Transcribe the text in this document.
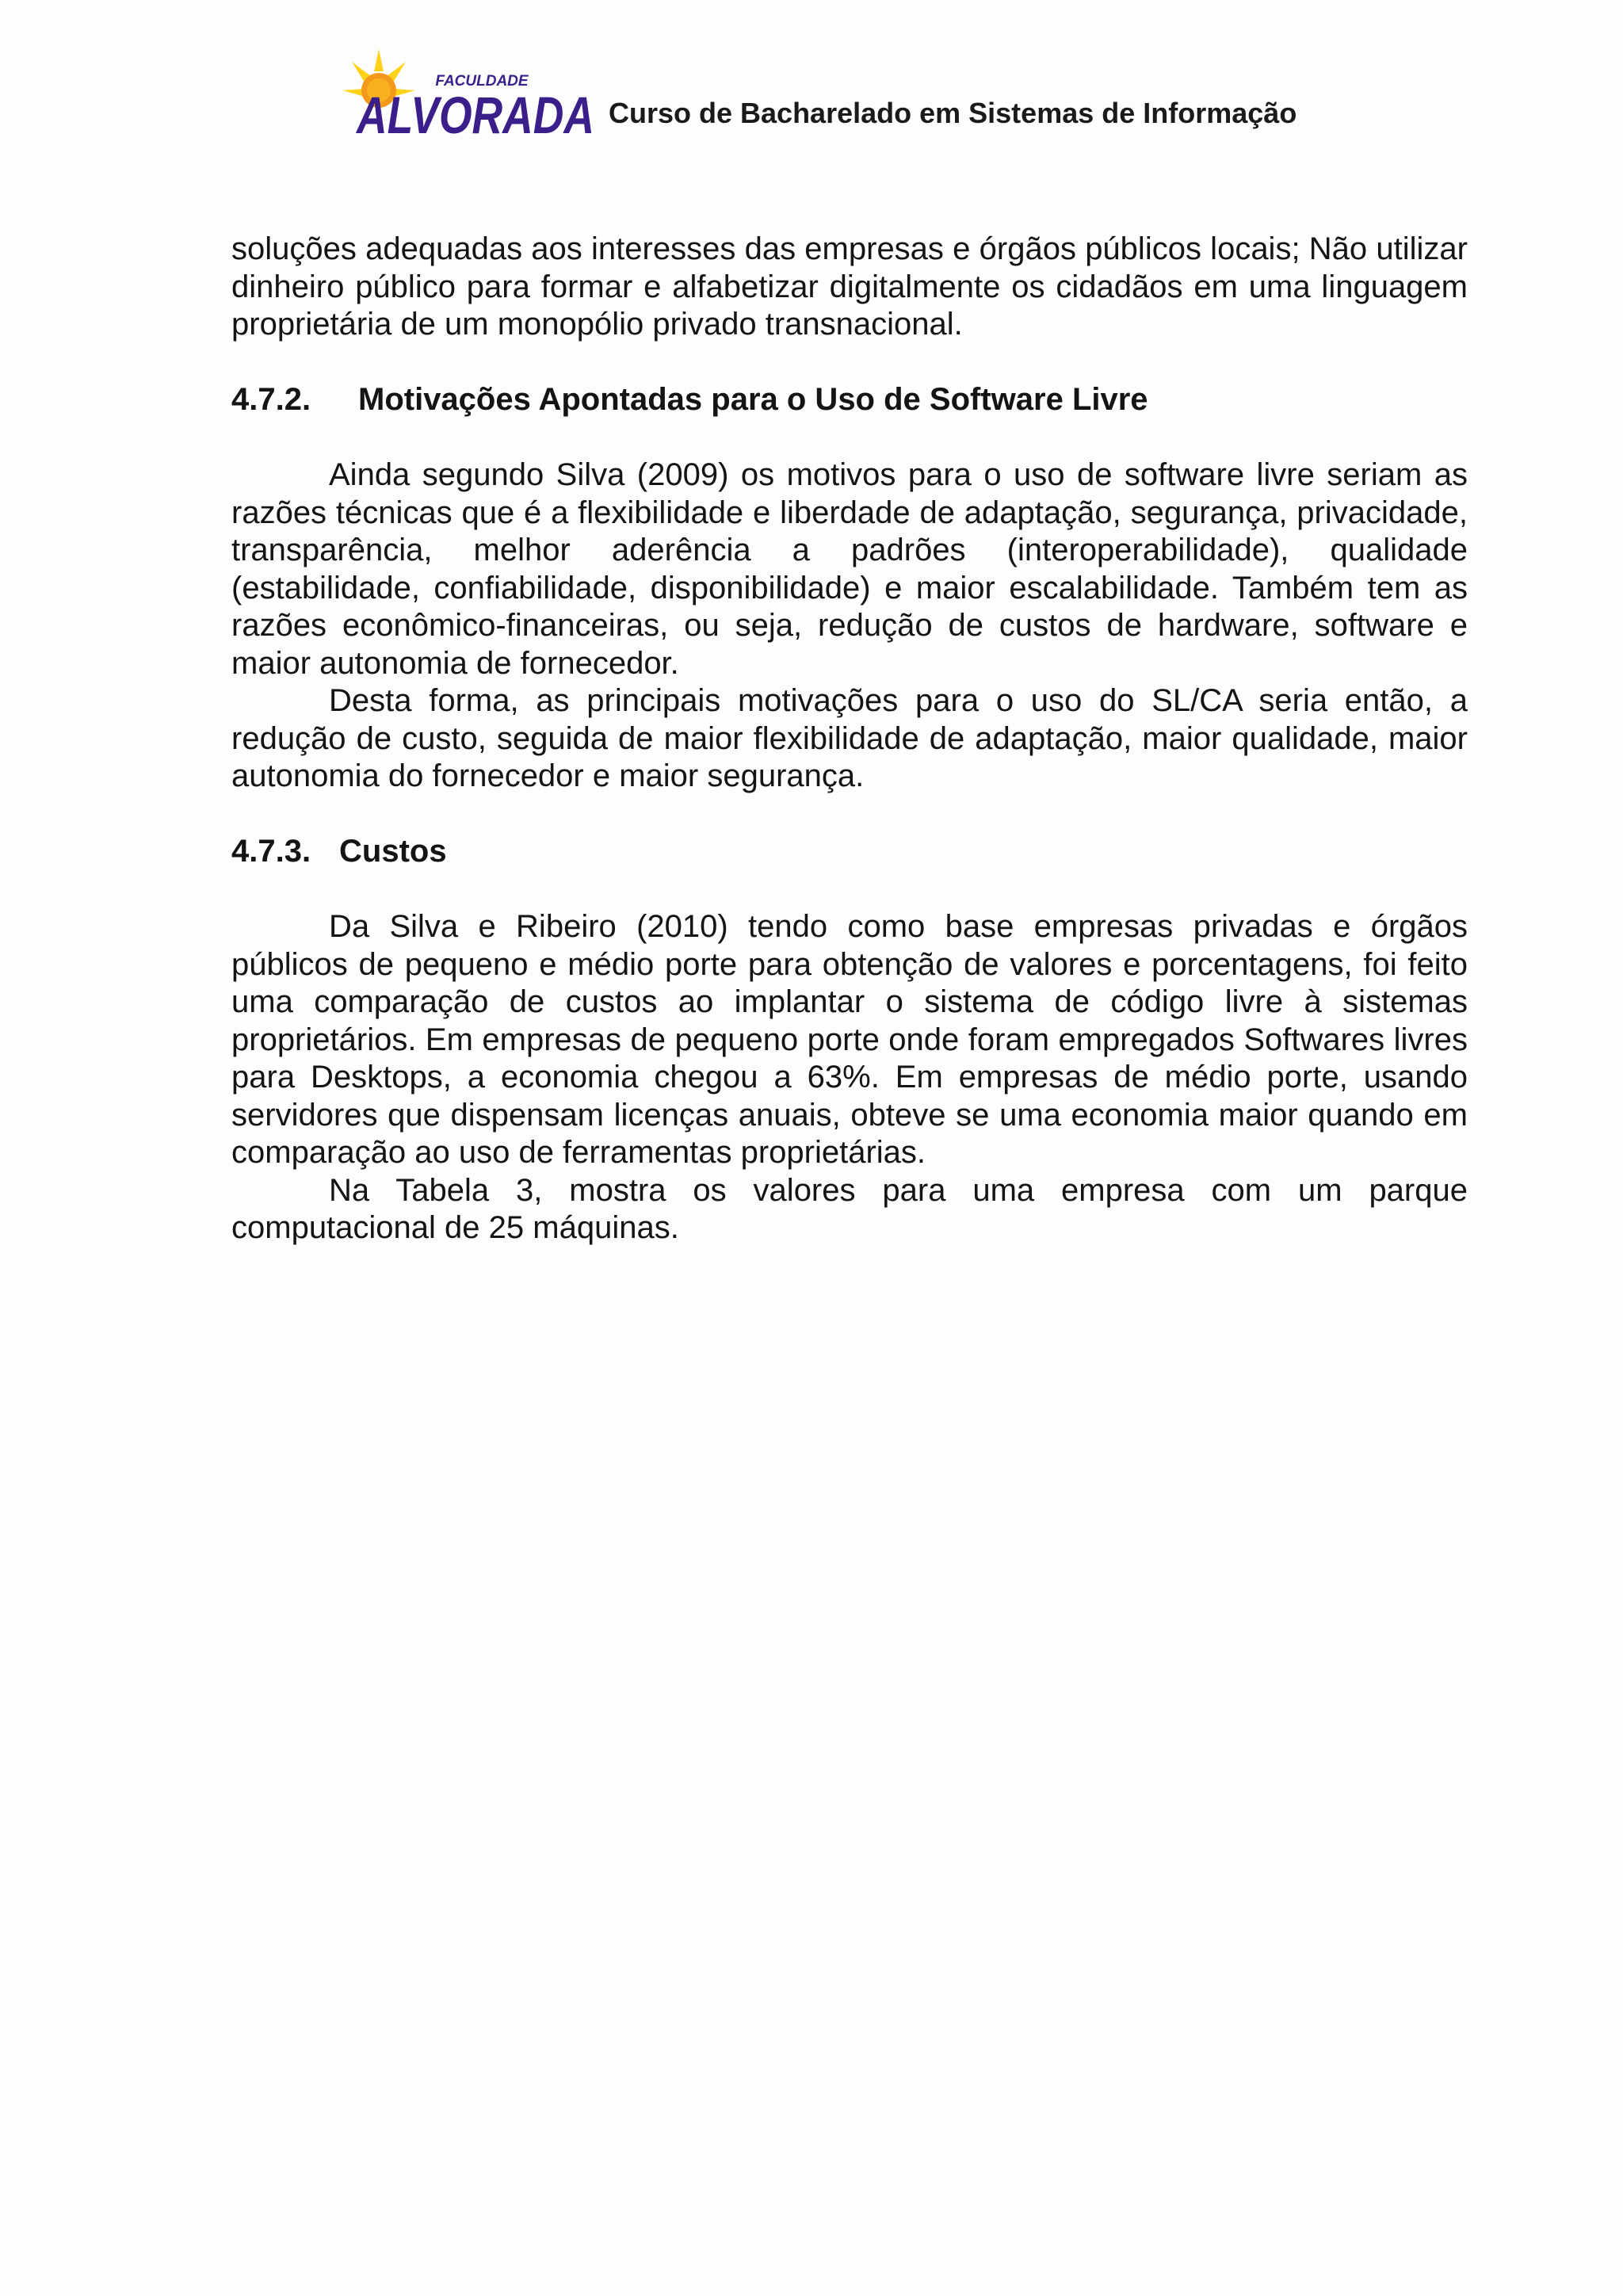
FACULDADE
ALVORADA Curso de Bacharelado em Sistemas de Informação

soluções adequadas aos interesses das empresas e órgãos públicos locais; Não utilizar dinheiro público para formar e alfabetizar digitalmente os cidadãos em uma linguagem proprietária de um monopólio privado transnacional.

4.7.2. Motivações Apontadas para o Uso de Software Livre

Ainda segundo Silva (2009) os motivos para o uso de software livre seriam as razões técnicas que é a flexibilidade e liberdade de adaptação, segurança, privacidade, transparência, melhor aderência a padrões (interoperabilidade), qualidade (estabilidade, confiabilidade, disponibilidade) e maior escalabilidade. Também tem as razões econômico-financeiras, ou seja, redução de custos de hardware, software e maior autonomia de fornecedor.

Desta forma, as principais motivações para o uso do SL/CA seria então, a redução de custo, seguida de maior flexibilidade de adaptação, maior qualidade, maior autonomia do fornecedor e maior segurança.

4.7.3. Custos

Da Silva e Ribeiro (2010) tendo como base empresas privadas e órgãos públicos de pequeno e médio porte para obtenção de valores e porcentagens, foi feito uma comparação de custos ao implantar o sistema de código livre à sistemas proprietários. Em empresas de pequeno porte onde foram empregados Softwares livres para Desktops, a economia chegou a 63%. Em empresas de médio porte, usando servidores que dispensam licenças anuais, obteve se uma economia maior quando em comparação ao uso de ferramentas proprietárias.

Na Tabela 3, mostra os valores para uma empresa com um parque computacional de 25 máquinas.
